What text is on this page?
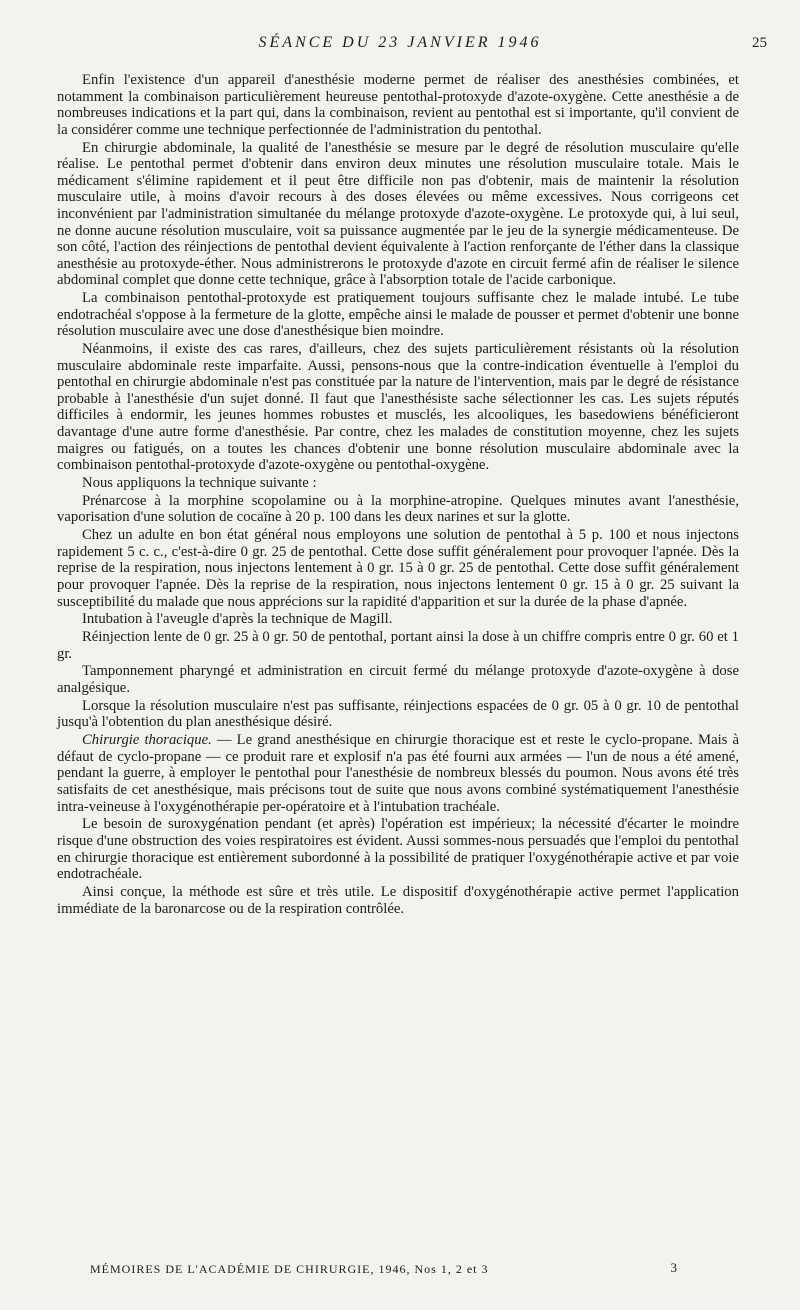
SÉANCE DU 23 JANVIER 1946	25

Enfin l'existence d'un appareil d'anesthésie moderne permet de réaliser des anesthésies combinées, et notamment la combinaison particulièrement heureuse pentothal-protoxyde d'azote-oxygène. Cette anesthésie a de nombreuses indications et la part qui, dans la combinaison, revient au pentothal est si importante, qu'il convient de la considérer comme une technique perfectionnée de l'administration du pentothal.

En chirurgie abdominale, la qualité de l'anesthésie se mesure par le degré de résolution musculaire qu'elle réalise. Le pentothal permet d'obtenir dans environ deux minutes une résolution musculaire totale. Mais le médicament s'élimine rapidement et il peut être difficile non pas d'obtenir, mais de maintenir la résolution musculaire utile, à moins d'avoir recours à des doses élevées ou même excessives. Nous corrigeons cet inconvénient par l'administration simultanée du mélange protoxyde d'azote-oxygène. Le protoxyde qui, à lui seul, ne donne aucune résolution musculaire, voit sa puissance augmentée par le jeu de la synergie médicamenteuse. De son côté, l'action des réinjections de pentothal devient équivalente à l'action renforçante de l'éther dans la classique anesthésie au protoxyde-éther. Nous administrerons le protoxyde d'azote en circuit fermé afin de réaliser le silence abdominal complet que donne cette technique, grâce à l'absorption totale de l'acide carbonique.

La combinaison pentothal-protoxyde est pratiquement toujours suffisante chez le malade intubé. Le tube endotrachéal s'oppose à la fermeture de la glotte, empêche ainsi le malade de pousser et permet d'obtenir une bonne résolution musculaire avec une dose d'anesthésique bien moindre.

Néanmoins, il existe des cas rares, d'ailleurs, chez des sujets particulièrement résistants où la résolution musculaire abdominale reste imparfaite. Aussi, pensons-nous que la contre-indication éventuelle à l'emploi du pentothal en chirurgie abdominale n'est pas constituée par la nature de l'intervention, mais par le degré de résistance probable à l'anesthésie d'un sujet donné. Il faut que l'anesthésiste sache sélectionner les cas. Les sujets réputés difficiles à endormir, les jeunes hommes robustes et musclés, les alcooliques, les basedowiens bénéficieront davantage d'une autre forme d'anesthésie. Par contre, chez les malades de constitution moyenne, chez les sujets maigres ou fatigués, on a toutes les chances d'obtenir une bonne résolution musculaire abdominale avec la combinaison pentothal-protoxyde d'azote-oxygène ou pentothal-oxygène.

Nous appliquons la technique suivante :

Prénarcose à la morphine scopolamine ou à la morphine-atropine. Quelques minutes avant l'anesthésie, vaporisation d'une solution de cocaïne à 20 p. 100 dans les deux narines et sur la glotte.

Chez un adulte en bon état général nous employons une solution de pentothal à 5 p. 100 et nous injectons rapidement 5 c. c., c'est-à-dire 0 gr. 25 de pentothal. Cette dose suffit généralement pour provoquer l'apnée. Dès la reprise de la respiration, nous injectons lentement à 0 gr. 15 à 0 gr. 25 de pentothal. Cette dose suffit généralement pour provoquer l'apnée. Dès la reprise de la respiration, nous injectons lentement 0 gr. 15 à 0 gr. 25 suivant la susceptibilité du malade que nous apprécions sur la rapidité d'apparition et sur la durée de la phase d'apnée.

Intubation à l'aveugle d'après la technique de Magill.

Réinjection lente de 0 gr. 25 à 0 gr. 50 de pentothal, portant ainsi la dose à un chiffre compris entre 0 gr. 60 et 1 gr.

Tamponnement pharyngé et administration en circuit fermé du mélange protoxyde d'azote-oxygène à dose analgésique.

Lorsque la résolution musculaire n'est pas suffisante, réinjections espacées de 0 gr. 05 à 0 gr. 10 de pentothal jusqu'à l'obtention du plan anesthésique désiré.

Chirurgie thoracique. — Le grand anesthésique en chirurgie thoracique est et reste le cyclo-propane. Mais à défaut de cyclo-propane — ce produit rare et explosif n'a pas été fourni aux armées — l'un de nous a été amené, pendant la guerre, à employer le pentothal pour l'anesthésie de nombreux blessés du poumon. Nous avons été très satisfaits de cet anesthésique, mais précisons tout de suite que nous avons combiné systématiquement l'anesthésie intra-veineuse à l'oxygénothérapie per-opératoire et à l'intubation trachéale.

Le besoin de suroxygénation pendant (et après) l'opération est impérieux; la nécessité d'écarter le moindre risque d'une obstruction des voies respiratoires est évident. Aussi sommes-nous persuadés que l'emploi du pentothal en chirurgie thoracique est entièrement subordonné à la possibilité de pratiquer l'oxygénothérapie active et par voie endotrachéale.

Ainsi conçue, la méthode est sûre et très utile. Le dispositif d'oxygénothérapie active permet l'application immédiate de la baronarcose ou de la respiration contrôlée.

MÉMOIRES DE L'ACADÉMIE DE CHIRURGIE, 1946, Nos 1, 2 et 3	3
